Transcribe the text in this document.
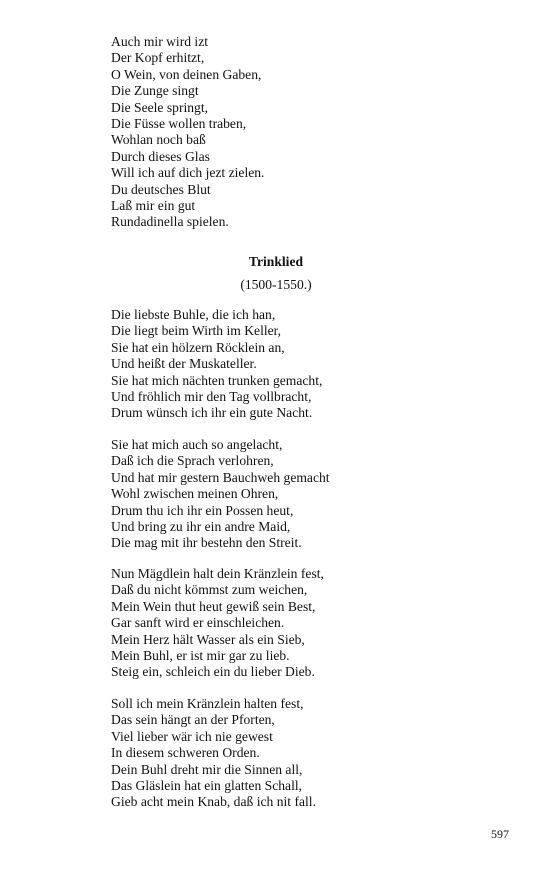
Auch mir wird izt
Der Kopf erhitzt,
O Wein, von deinen Gaben,
Die Zunge singt
Die Seele springt,
Die Füsse wollen traben,
Wohlan noch baß
Durch dieses Glas
Will ich auf dich jezt zielen.
Du deutsches Blut
Laß mir ein gut
Rundadinella spielen.
Trinklied
(1500-1550.)
Die liebste Buhle, die ich han,
Die liegt beim Wirth im Keller,
Sie hat ein hölzern Röcklein an,
Und heißt der Muskateller.
Sie hat mich nächten trunken gemacht,
Und fröhlich mir den Tag vollbracht,
Drum wünsch ich ihr ein gute Nacht.
Sie hat mich auch so angelacht,
Daß ich die Sprach verlohren,
Und hat mir gestern Bauchweh gemacht
Wohl zwischen meinen Ohren,
Drum thu ich ihr ein Possen heut,
Und bring zu ihr ein andre Maid,
Die mag mit ihr bestehn den Streit.
Nun Mägdlein halt dein Kränzlein fest,
Daß du nicht kömmst zum weichen,
Mein Wein thut heut gewiß sein Best,
Gar sanft wird er einschleichen.
Mein Herz hält Wasser als ein Sieb,
Mein Buhl, er ist mir gar zu lieb.
Steig ein, schleich ein du lieber Dieb.
Soll ich mein Kränzlein halten fest,
Das sein hängt an der Pforten,
Viel lieber wär ich nie gewest
In diesem schweren Orden.
Dein Buhl dreht mir die Sinnen all,
Das Gläslein hat ein glatten Schall,
Gieb acht mein Knab, daß ich nit fall.
597
